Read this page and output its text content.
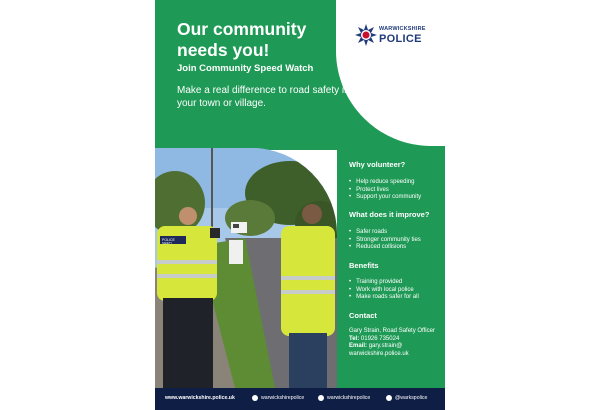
WARWICKSHIRE
POLICE
Our community
needs you!

Join Community Speed Watch

Make a real difference to road safety in your town or village.

POLICE
SAFETY

Why volunteer?

• Help reduce speeding
• Protect lives
• Support your community

What does it improve?

• Safer roads
• Stronger community ties
• Reduced collisions

Benefits

• Training provided
• Work with local police
• Make roads safer for all

Contact

Gary Strain, Road Safety Officer
Tel: 01926 735024
Email: gary.strain@ warwickshire.police.uk
www.warwickshire.police.uk	warwickshirepolice	warwickshirepolice	@warkspolice
